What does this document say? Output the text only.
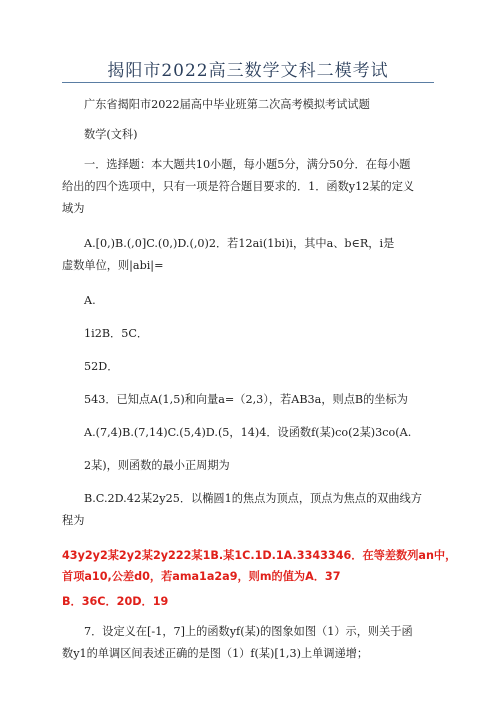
揭阳市2022高三数学文科二模考试
广东省揭阳市2022届高中毕业班第二次高考模拟考试试题
数学(文科)
一．选择题：本大题共10小题，每小题5分，满分50分．在每小题
给出的四个选项中，只有一项是符合题目要求的．1．函数y12某的定义
域为
A.[0,)B.(,0]C.(0,)D.(,0)2．若12ai(1bi)i，其中a、b∈R，i是
虚数单位，则|abi|=
A.
1i2B．5C．
52D．
543．已知点A(1,5)和向量a=（2,3），若AB3a，则点B的坐标为
A.(7,4)B.(7,14)C.(5,4)D.(5，14)4．设函数f(某)co(2某)3co(A.
2某)，则函数的最小正周期为
B.C.2D.42某2y25．以椭圆1的焦点为顶点，顶点为焦点的双曲线方
程为
43y2y2某2y2某2y222某1B.某1C.1D.1A.3343346．在等差数列an中，
首项a10,公差d0，若ama1a2a9，则m的值为A．37
B．36C．20D．19
7．设定义在[-1，7]上的函数yf(某)的图象如图（1）示，则关于函
数y1的单调区间表述正确的是图（1）f(某)[1,3)上单调递增；
